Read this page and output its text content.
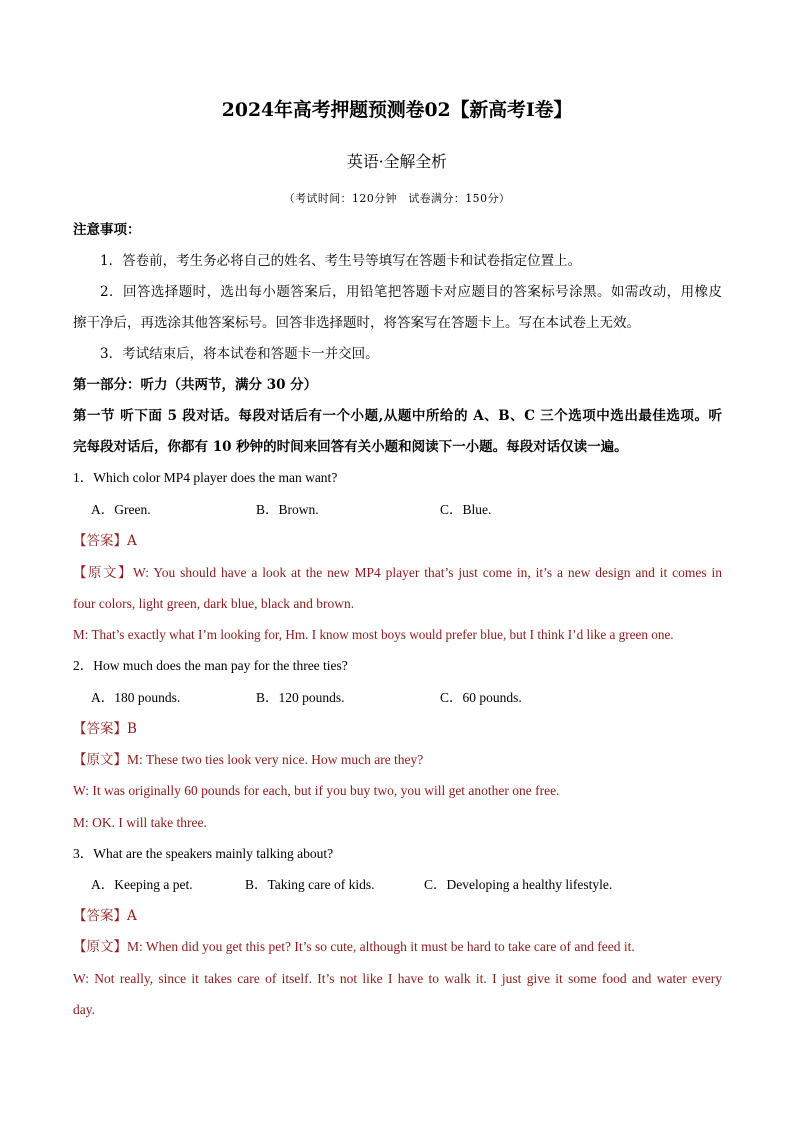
2024年高考押题预测卷02【新高考I卷】
英语·全解全析
（考试时间：120分钟　试卷满分：150分）
注意事项：
1．答卷前，考生务必将自己的姓名、考生号等填写在答题卡和试卷指定位置上。
2．回答选择题时，选出每小题答案后，用铅笔把答题卡对应题目的答案标号涂黑。如需改动，用橡皮
擦干净后，再选涂其他答案标号。回答非选择题时，将答案写在答题卡上。写在本试卷上无效。
3．考试结束后，将本试卷和答题卡一并交回。
第一部分：听力（共两节，满分 30 分）
第一节 听下面 5 段对话。每段对话后有一个小题,从题中所给的 A、B、C 三个选项中选出最佳选项。听
完每段对话后，你都有 10 秒钟的时间来回答有关小题和阅读下一小题。每段对话仅读一遍。
1．Which color MP4 player does the man want?
A．Green.	B．Brown.	C．Blue.
【答案】A
【原文】W: You should have a look at the new MP4 player that’s just come in, it’s a new design and it comes in
four colors, light green, dark blue, black and brown.
M: That’s exactly what I’m looking for, Hm. I know most boys would prefer blue, but I think I’d like a green one.
2．How much does the man pay for the three ties?
A．180 pounds.	B．120 pounds.	C．60 pounds.
【答案】B
【原文】M: These two ties look very nice. How much are they?
W: It was originally 60 pounds for each, but if you buy two, you will get another one free.
M: OK. I will take three.
3．What are the speakers mainly talking about?
A．Keeping a pet.	B．Taking care of kids.	C．Developing a healthy lifestyle.
【答案】A
【原文】M: When did you get this pet? It’s so cute, although it must be hard to take care of and feed it.
W: Not really, since it takes care of itself. It’s not like I have to walk it. I just give it some food and water every
day.
